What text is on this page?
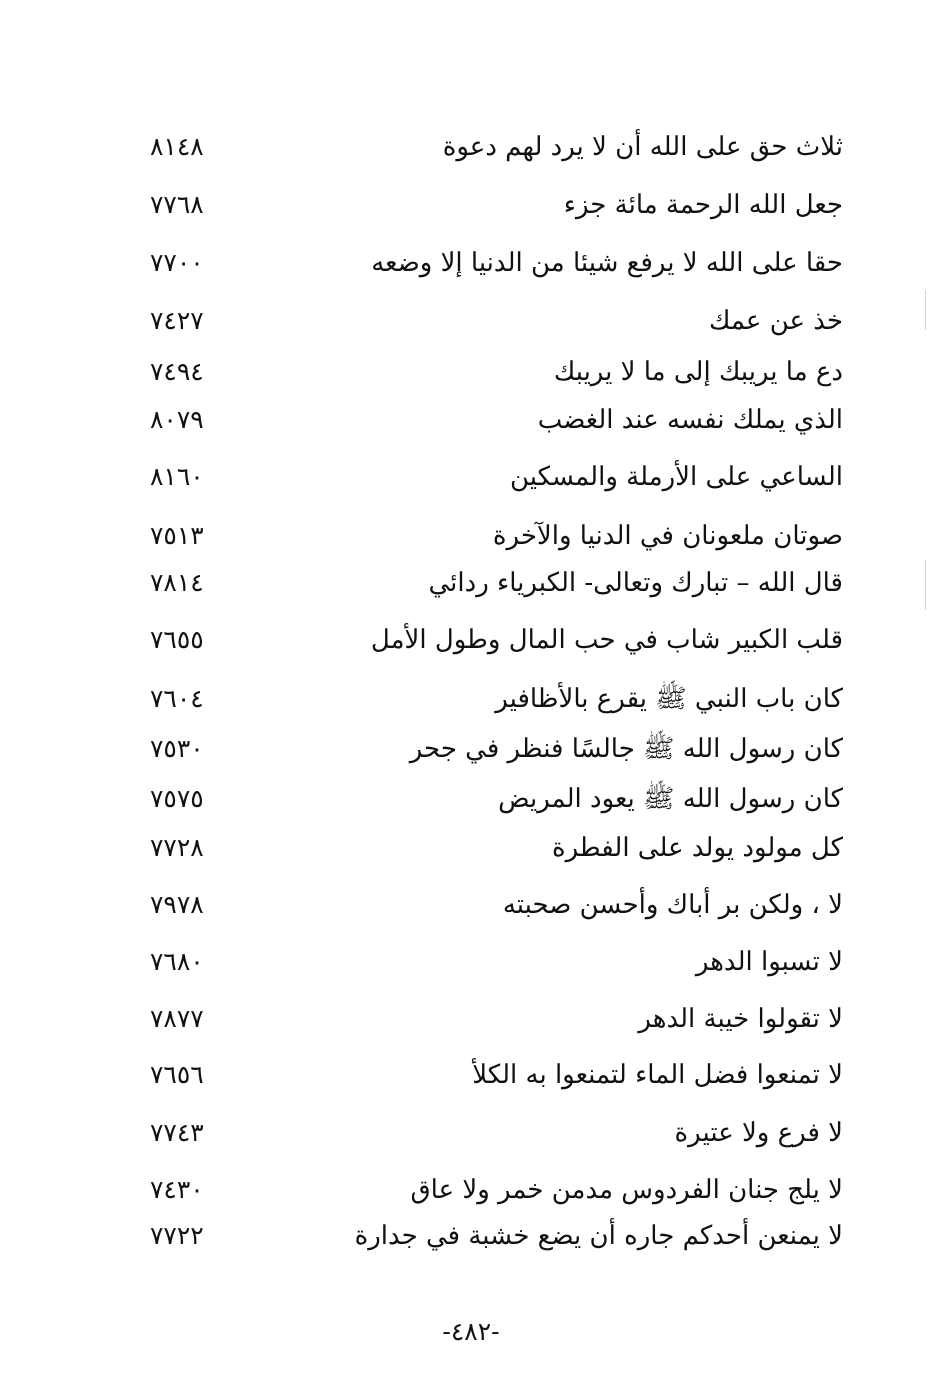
ثلاث حق على الله أن لا يرد لهم دعوة
٨١٤٨
جعل الله الرحمة مائة جزء
٧٧٦٨
حقا على الله لا يرفع شيئا من الدنيا إلا وضعه
٧٧٠٠
خذ عن عمك
٧٤٢٧
دع ما يريبك إلى ما لا يريبك
٧٤٩٤
الذي يملك نفسه عند الغضب
٨٠٧٩
الساعي على الأرملة والمسكين
٨١٦٠
صوتان ملعونان في الدنيا والآخرة
٧٥١٣
قال الله – تبارك وتعالى- الكبرياء ردائي
٧٨١٤
قلب الكبير شاب في حب المال وطول الأمل
٧٦٥٥
كان باب النبي ﷺ يقرع بالأظافير
٧٦٠٤
كان رسول الله ﷺ جالسًا فنظر في جحر
٧٥٣٠
كان رسول الله ﷺ يعود المريض
٧٥٧٥
كل مولود يولد على الفطرة
٧٧٢٨
لا ، ولكن بر أباك وأحسن صحبته
٧٩٧٨
لا تسبوا الدهر
٧٦٨٠
لا تقولوا خيبة الدهر
٧٨٧٧
لا تمنعوا فضل الماء لتمنعوا به الكلأ
٧٦٥٦
لا فرع ولا عتيرة
٧٧٤٣
لا يلج جنان الفردوس مدمن خمر ولا عاق
٧٤٣٠
لا يمنعن أحدكم جاره أن يضع خشبة في جدارة
٧٧٢٢
-٤٨٢-
